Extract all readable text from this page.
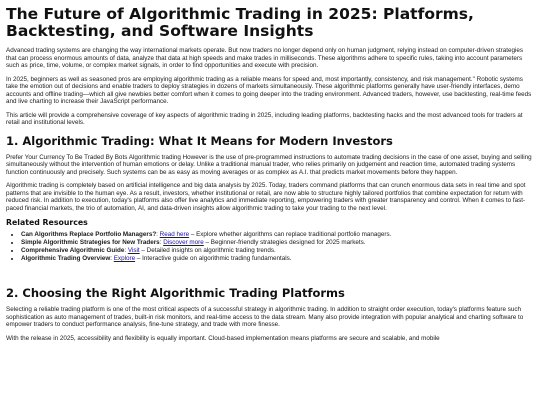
The Future of Algorithmic Trading in 2025: Platforms, Backtesting, and Software Insights

Advanced trading systems are changing the way international markets operate. But now traders no longer depend only on human judgment, relying instead on computer-driven strategies that can process enormous amounts of data, analyze that data at high speeds and make trades in milliseconds. These algorithms adhere to specific rules, taking into account parameters such as price, time, volume, or complex market signals, in order to find opportunities and execute with precision.

In 2025, beginners as well as seasoned pros are employing algorithmic trading as a reliable means for speed and, most importantly, consistency, and risk management." Robotic systems take the emotion out of decisions and enable traders to deploy strategies in dozens of markets simultaneously. These algorithmic platforms generally have user-friendly interfaces, demo accounts and offline trading—which all give newbies better comfort when it comes to going deeper into the trading environment. Advanced traders, however, use backtesting, real-time feeds and live charting to increase their JavaScript performance.

This article will provide a comprehensive coverage of key aspects of algorithmic trading in 2025, including leading platforms, backtesting hacks and the most advanced tools for traders at retail and institutional levels.

1. Algorithmic Trading: What It Means for Modern Investors

Prefer Your Currency To Be Traded By Bots Algorithmic trading However is the use of pre-programmed instructions to automate trading decisions in the case of one asset, buying and selling simultaneously without the intervention of human emotions or delay. Unlike a traditional manual trader, who relies primarily on judgement and reaction time, automated trading systems function continuously and precisely. Such systems can be as easy as moving averages or as complex as A.I. that predicts market movements before they happen.

Algorithmic trading is completely based on artificial intelligence and big data analysis by 2025. Today, traders command platforms that can crunch enormous data sets in real time and spot patterns that are invisible to the human eye. As a result, investors, whether institutional or retail, are now able to structure highly tailored portfolios that combine expectation for return with reduced risk. In addition to execution, today's platforms also offer live analytics and immediate reporting, empowering traders with greater transparency and control. When it comes to fast-paced financial markets, the trio of automation, AI, and data-driven insights allow algorithmic trading to take your trading to the next level.

Related Resources
• Can Algorithms Replace Portfolio Managers?: Read here – Explore whether algorithms can replace traditional portfolio managers.
• Simple Algorithmic Strategies for New Traders: Discover more – Beginner-friendly strategies designed for 2025 markets.
• Comprehensive Algorithmic Guide: Visit – Detailed insights on algorithmic trading trends.
• Algorithmic Trading Overview: Explore – Interactive guide on algorithmic trading fundamentals.
2. Choosing the Right Algorithmic Trading Platforms

Selecting a reliable trading platform is one of the most critical aspects of a successful strategy in algorithmic trading. In addition to straight order execution, today's platforms feature such sophistication as auto management of trades, built-in risk monitors, and real-time access to the data stream. Many also provide integration with popular analytical and charting software to empower traders to conduct performance analysis, fine-tune strategy, and trade with more finesse.

With the release in 2025, accessibility and flexibility is equally important. Cloud-based implementation means platforms are secure and scalable, and mobile
